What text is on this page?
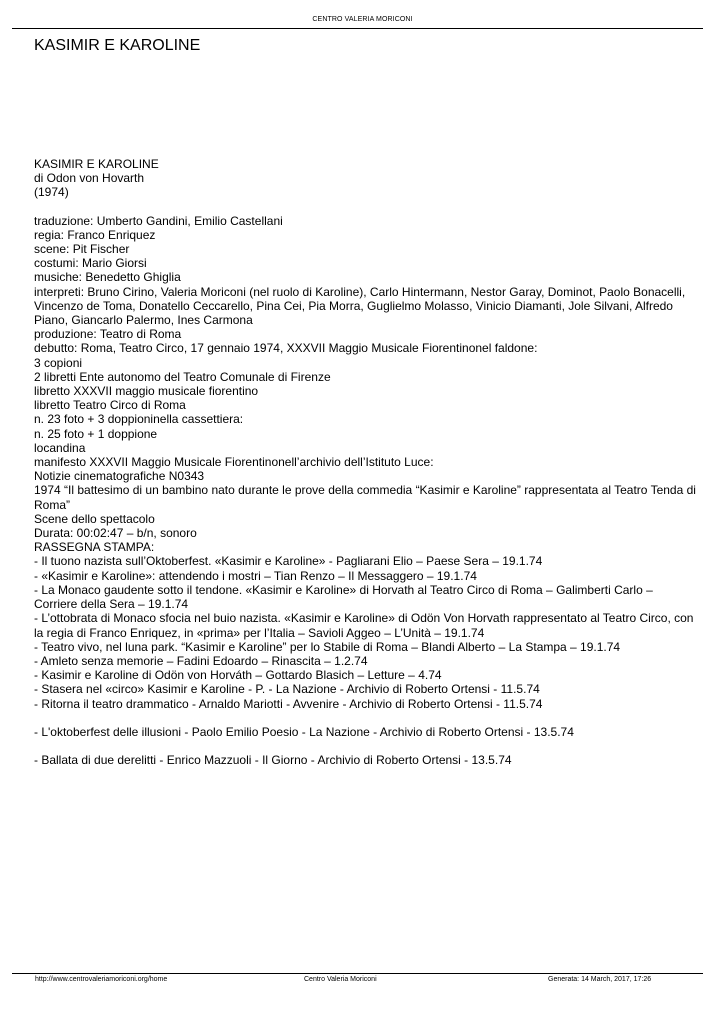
CENTRO VALERIA MORICONI
KASIMIR E KAROLINE

KASIMIR E KAROLINE

di Odon von Hovarth

(1974)

traduzione: Umberto Gandini, Emilio Castellani

regia: Franco Enriquez

scene: Pit Fischer

costumi: Mario Giorsi

musiche: Benedetto Ghiglia

interpreti: Bruno Cirino, Valeria Moriconi (nel ruolo di Karoline), Carlo Hintermann, Nestor Garay, Dominot, Paolo Bonacelli, Vincenzo de Toma, Donatello Ceccarello, Pina Cei, Pia Morra, Guglielmo Molasso, Vinicio Diamanti, Jole Silvani, Alfredo Piano, Giancarlo Palermo, Ines Carmona

produzione: Teatro di Roma

debutto: Roma, Teatro Circo, 17 gennaio 1974, XXXVII Maggio Musicale Fiorentinonel faldone:

3 copioni

2 libretti Ente autonomo del Teatro Comunale di Firenze

libretto XXXVII maggio musicale fiorentino

libretto Teatro Circo di Roma

n. 23 foto + 3 doppioninella cassettiera:

n. 25 foto + 1 doppione

locandina

manifesto XXXVII Maggio Musicale Fiorentinonell’archivio dell’Istituto Luce:

Notizie cinematografiche N0343

1974 “Il battesimo di un bambino nato durante le prove della commedia “Kasimir e Karoline” rappresentata al Teatro Tenda di Roma”

Scene dello spettacolo

Durata: 00:02:47 – b/n, sonoro

RASSEGNA STAMPA:

- Il tuono nazista sull’Oktoberfest. «Kasimir e Karoline» - Pagliarani Elio – Paese Sera – 19.1.74

- «Kasimir e Karoline»: attendendo i mostri – Tian Renzo – Il Messaggero – 19.1.74

- La Monaco gaudente sotto il tendone. «Kasimir e Karoline» di Horvath al Teatro Circo di Roma – Galimberti Carlo – Corriere della Sera – 19.1.74

- L’ottobrata di Monaco sfocia nel buio nazista. «Kasimir e Karoline» di Odön Von Horvath rappresentato al Teatro Circo, con la regia di Franco Enriquez, in «prima» per l’Italia – Savioli Aggeo – L’Unità – 19.1.74

- Teatro vivo, nel luna park. “Kasimir e Karoline” per lo Stabile di Roma – Blandi Alberto – La Stampa – 19.1.74

- Amleto senza memorie – Fadini Edoardo – Rinascita – 1.2.74

- Kasimir e Karoline di Odön von Horváth – Gottardo Blasich – Letture – 4.74

- Stasera nel «circo» Kasimir e Karoline - P. - La Nazione - Archivio di Roberto Ortensi - 11.5.74

- Ritorna il teatro drammatico - Arnaldo Mariotti - Avvenire - Archivio di Roberto Ortensi - 11.5.74

- L'oktoberfest delle illusioni - Paolo Emilio Poesio - La Nazione - Archivio di Roberto Ortensi - 13.5.74

- Ballata di due derelitti - Enrico Mazzuoli - Il Giorno - Archivio di Roberto Ortensi - 13.5.74

http://www.centrovaleriamoriconi.org/home	Centro Valeria Moriconi	Generata: 14 March, 2017, 17:26
